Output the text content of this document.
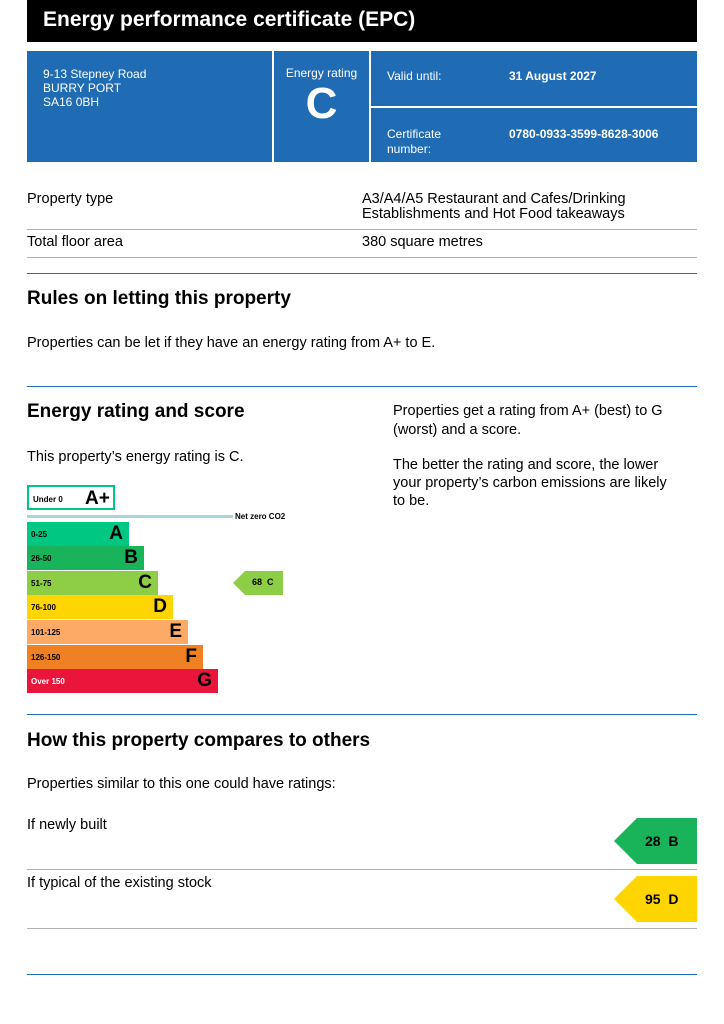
Energy performance certificate (EPC)
9-13 Stepney Road
BURRY PORT
SA16 0BH
Energy rating
C
Valid until:	31 August 2027
Certificate number:
0780-0933-3599-8628-3006
Property type	A3/A4/A5 Restaurant and Cafes/Drinking
Establishments and Hot Food takeaways
Total floor area	380 square metres
Rules on letting this property
Properties can be let if they have an energy rating from A+ to E.
Energy rating and score
This property’s energy rating is C.
Properties get a rating from A+ (best) to G
(worst) and a score.
The better the rating and score, the lower
your property’s carbon emissions are likely
to be.
Under 0 A+
Net zero CO2
0-25	A
26-50	B
51-75	C
76-100	D
101-125	E
126-150	F
Over 150	G
68 C
How this property compares to others
Properties similar to this one could have ratings:
If newly built
28 B
If typical of the existing stock
95 D
